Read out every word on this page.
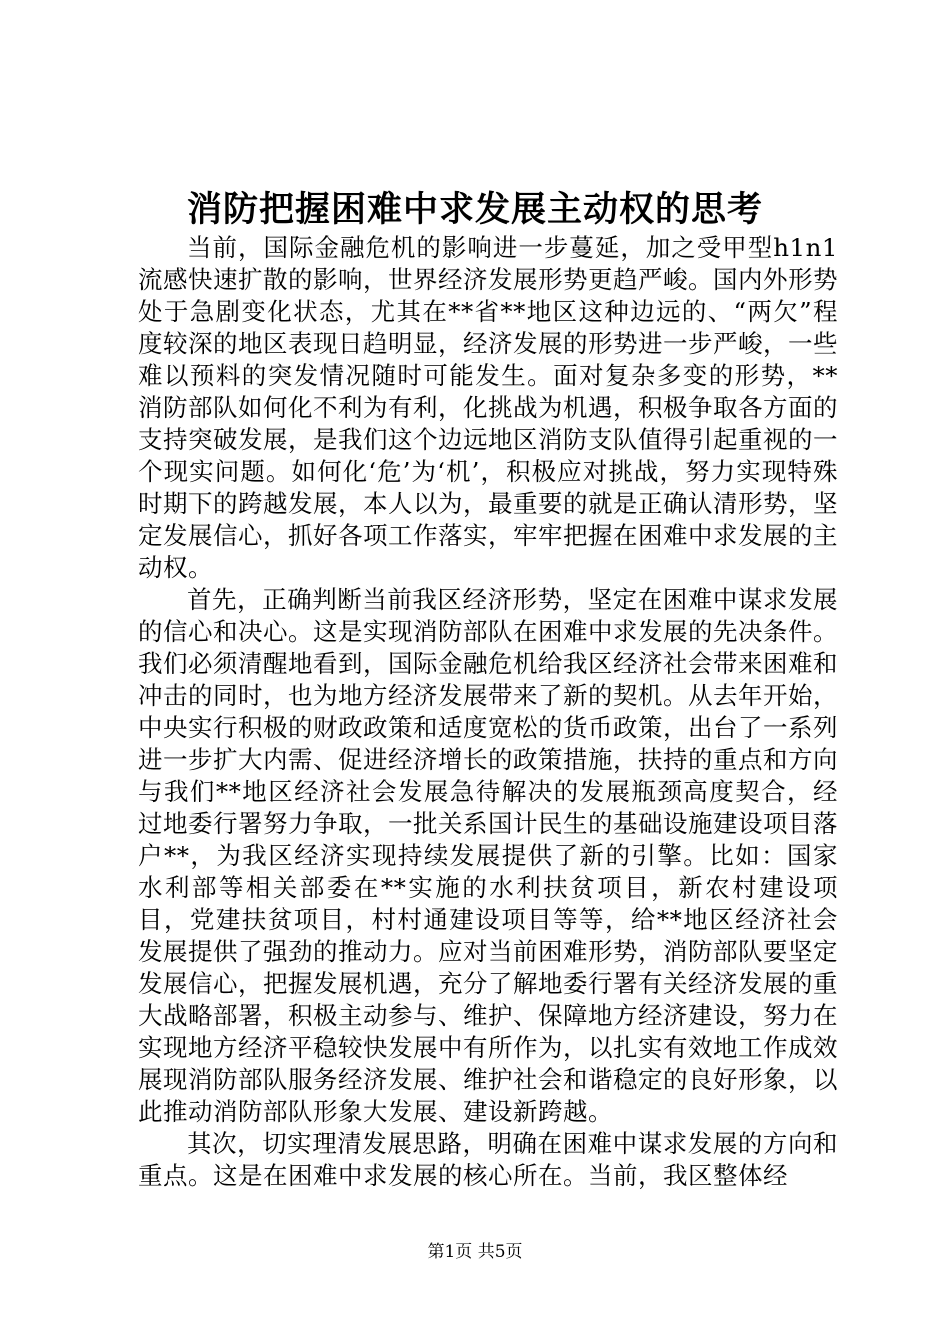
消防把握困难中求发展主动权的思考

当前，国际金融危机的影响进一步蔓延，加之受甲型h1n1流感快速扩散的影响，世界经济发展形势更趋严峻。国内外形势处于急剧变化状态，尤其在**省**地区这种边远的、“两欠”程度较深的地区表现日趋明显，经济发展的形势进一步严峻，一些难以预料的突发情况随时可能发生。面对复杂多变的形势，**消防部队如何化不利为有利，化挑战为机遇，积极争取各方面的支持突破发展，是我们这个边远地区消防支队值得引起重视的一个现实问题。如何化‘危’为‘机’，积极应对挑战，努力实现特殊时期下的跨越发展，本人以为，最重要的就是正确认清形势，坚定发展信心，抓好各项工作落实，牢牢把握在困难中求发展的主动权。

首先，正确判断当前我区经济形势，坚定在困难中谋求发展的信心和决心。这是实现消防部队在困难中求发展的先决条件。我们必须清醒地看到，国际金融危机给我区经济社会带来困难和冲击的同时，也为地方经济发展带来了新的契机。从去年开始，中央实行积极的财政政策和适度宽松的货币政策，出台了一系列进一步扩大内需、促进经济增长的政策措施，扶持的重点和方向与我们**地区经济社会发展急待解决的发展瓶颈高度契合，经过地委行署努力争取，一批关系国计民生的基础设施建设项目落户**，为我区经济实现持续发展提供了新的引擎。比如：国家水利部等相关部委在**实施的水利扶贫项目，新农村建设项目，党建扶贫项目，村村通建设项目等等，给**地区经济社会发展提供了强劲的推动力。应对当前困难形势，消防部队要坚定发展信心，把握发展机遇，充分了解地委行署有关经济发展的重大战略部署，积极主动参与、维护、保障地方经济建设，努力在实现地方经济平稳较快发展中有所作为，以扎实有效地工作成效展现消防部队服务经济发展、维护社会和谐稳定的良好形象，以此推动消防部队形象大发展、建设新跨越。

其次，切实理清发展思路，明确在困难中谋求发展的方向和重点。这是在困难中求发展的核心所在。当前，我区整体经

第1页 共5页
